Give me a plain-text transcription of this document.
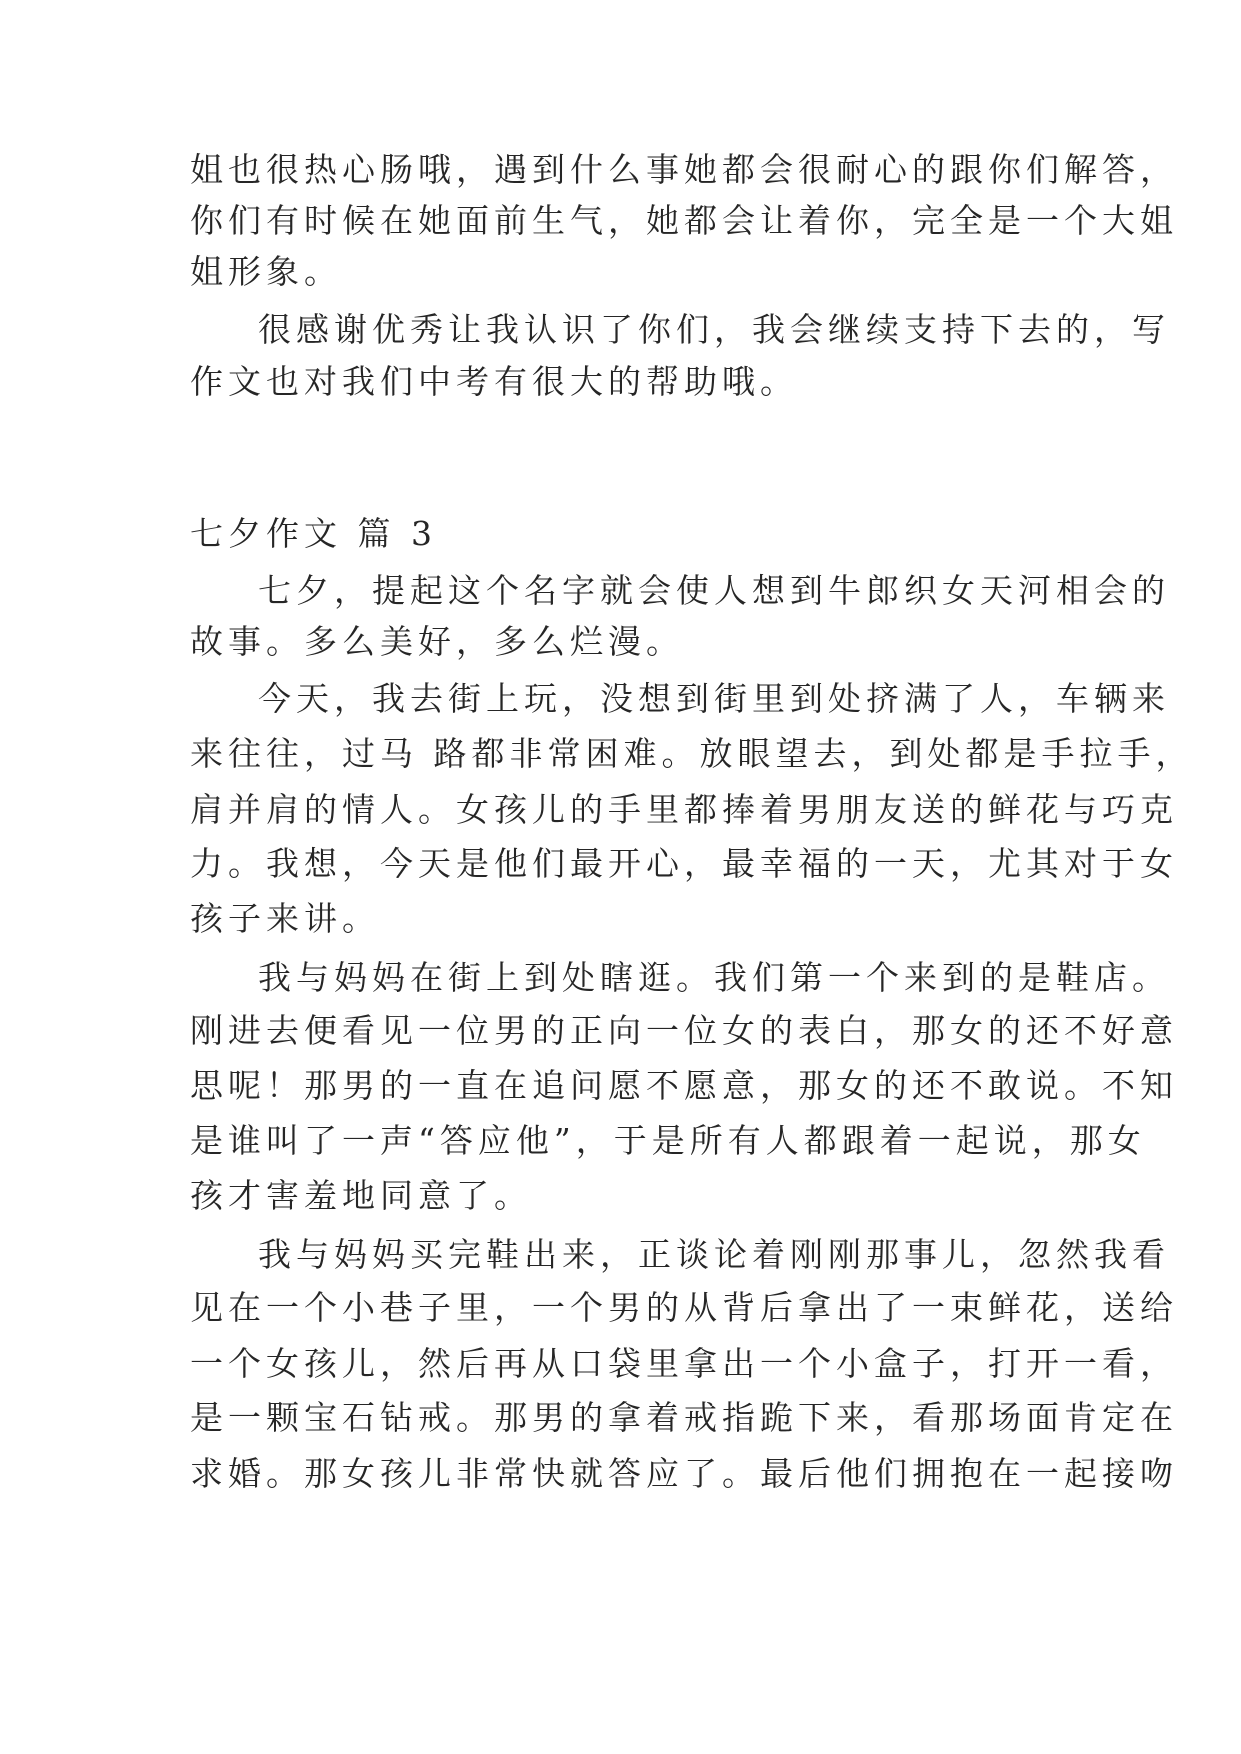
姐也很热心肠哦，遇到什么事她都会很耐心的跟你们解答，
你们有时候在她面前生气，她都会让着你，完全是一个大姐
姐形象。
很感谢优秀让我认识了你们，我会继续支持下去的，写
作文也对我们中考有很大的帮助哦。
七夕作文 篇 3
七夕，提起这个名字就会使人想到牛郎织女天河相会的
故事。多么美好，多么烂漫。
今天，我去街上玩，没想到街里到处挤满了人，车辆来
来往往，过马 路都非常困难。放眼望去，到处都是手拉手，
肩并肩的情人。女孩儿的手里都捧着男朋友送的鲜花与巧克
力。我想，今天是他们最开心，最幸福的一天，尤其对于女
孩子来讲。
我与妈妈在街上到处瞎逛。我们第一个来到的是鞋店。
刚进去便看见一位男的正向一位女的表白，那女的还不好意
思呢！那男的一直在追问愿不愿意，那女的还不敢说。不知
是谁叫了一声“答应他”，于是所有人都跟着一起说，那女
孩才害羞地同意了。
我与妈妈买完鞋出来，正谈论着刚刚那事儿，忽然我看
见在一个小巷子里，一个男的从背后拿出了一束鲜花，送给
一个女孩儿，然后再从口袋里拿出一个小盒子，打开一看，
是一颗宝石钻戒。那男的拿着戒指跪下来，看那场面肯定在
求婚。那女孩儿非常快就答应了。最后他们拥抱在一起接吻
